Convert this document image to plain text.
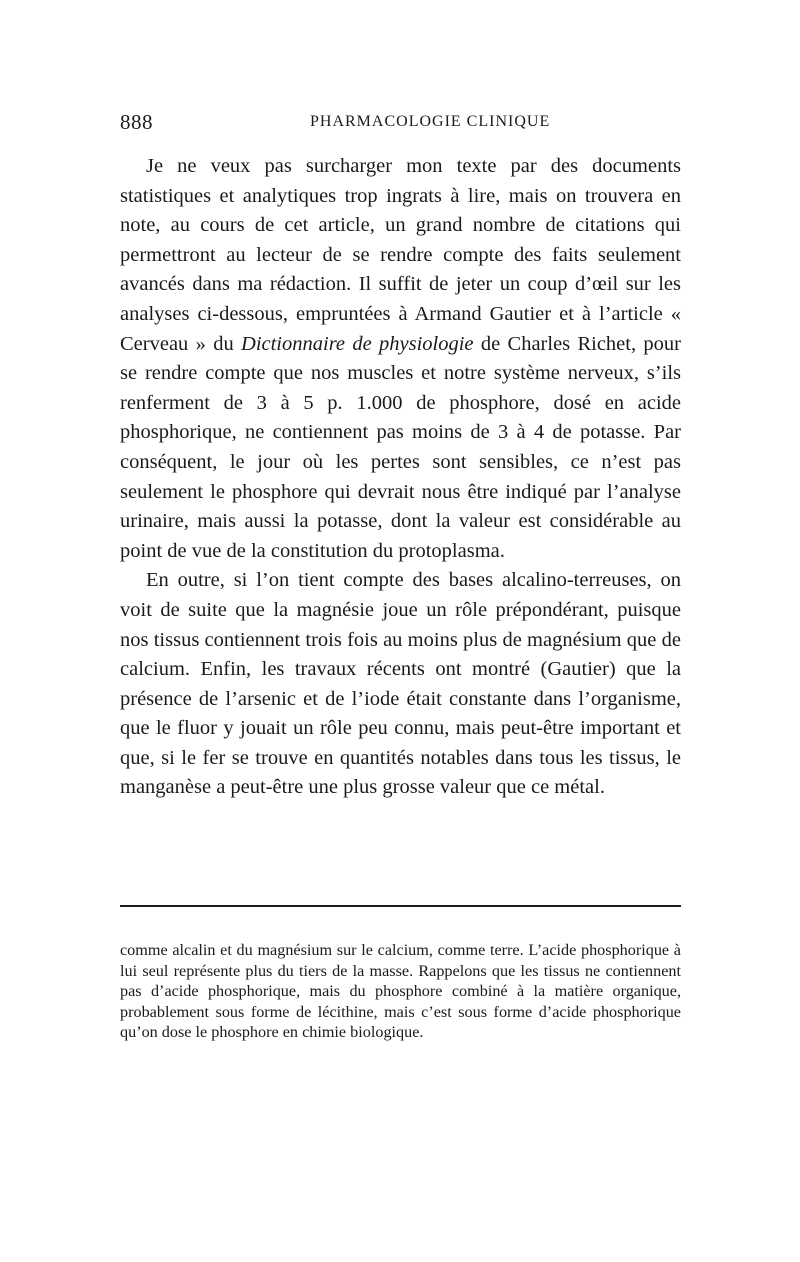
888	PHARMACOLOGIE CLINIQUE

Je ne veux pas surcharger mon texte par des documents statistiques et analytiques trop ingrats à lire, mais on trouvera en note, au cours de cet article, un grand nombre de citations qui permettront au lecteur de se rendre compte des faits seulement avancés dans ma rédaction. Il suffit de jeter un coup d’œil sur les analyses ci-dessous, empruntées à Armand Gautier et à l’article « Cerveau » du Dictionnaire de physiologie de Charles Richet, pour se rendre compte que nos muscles et notre système nerveux, s’ils renferment de 3 à 5 p. 1.000 de phosphore, dosé en acide phosphorique, ne contiennent pas moins de 3 à 4 de potasse. Par conséquent, le jour où les pertes sont sensibles, ce n’est pas seulement le phosphore qui devrait nous être indiqué par l’analyse urinaire, mais aussi la potasse, dont la valeur est considérable au point de vue de la constitution du protoplasma.

En outre, si l’on tient compte des bases alcalino-terreuses, on voit de suite que la magnésie joue un rôle prépondérant, puisque nos tissus contiennent trois fois au moins plus de magnésium que de calcium. Enfin, les travaux récents ont montré (Gautier) que la présence de l’arsenic et de l’iode était constante dans l’organisme, que le fluor y jouait un rôle peu connu, mais peut-être important et que, si le fer se trouve en quantités notables dans tous les tissus, le manganèse a peut-être une plus grosse valeur que ce métal.

comme alcalin et du magnésium sur le calcium, comme terre. L’acide phosphorique à lui seul représente plus du tiers de la masse. Rappelons que les tissus ne contiennent pas d’acide phosphorique, mais du phosphore combiné à la matière organique, probablement sous forme de lécithine, mais c’est sous forme d’acide phosphorique qu’on dose le phosphore en chimie biologique.
